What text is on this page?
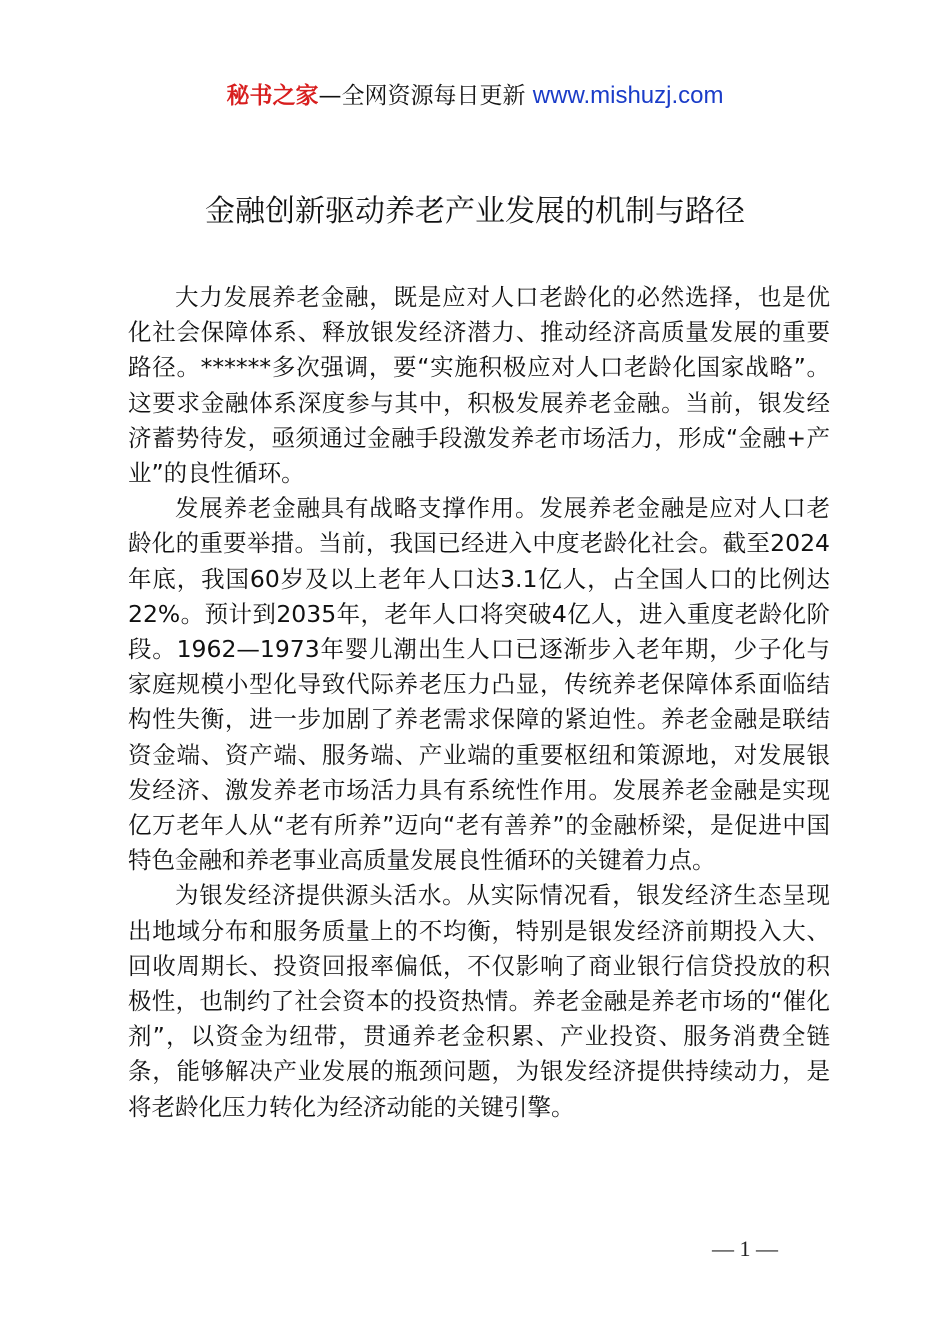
秘书之家—全网资源每日更新 www.mishuzj.com
金融创新驱动养老产业发展的机制与路径

大力发展养老金融，既是应对人口老龄化的必然选择，也是优化社会保障体系、释放银发经济潜力、推动经济高质量发展的重要路径。******多次强调，要“实施积极应对人口老龄化国家战略”。这要求金融体系深度参与其中，积极发展养老金融。当前，银发经济蓄势待发，亟须通过金融手段激发养老市场活力，形成“金融+产业”的良性循环。

发展养老金融具有战略支撑作用。发展养老金融是应对人口老龄化的重要举措。当前，我国已经进入中度老龄化社会。截至2024年底，我国60岁及以上老年人口达3.1亿人，占全国人口的比例达22%。预计到2035年，老年人口将突破4亿人，进入重度老龄化阶段。1962—1973年婴儿潮出生人口已逐渐步入老年期，少子化与家庭规模小型化导致代际养老压力凸显，传统养老保障体系面临结构性失衡，进一步加剧了养老需求保障的紧迫性。养老金融是联结资金端、资产端、服务端、产业端的重要枢纽和策源地，对发展银发经济、激发养老市场活力具有系统性作用。发展养老金融是实现亿万老年人从“老有所养”迈向“老有善养”的金融桥梁，是促进中国特色金融和养老事业高质量发展良性循环的关键着力点。

为银发经济提供源头活水。从实际情况看，银发经济生态呈现出地域分布和服务质量上的不均衡，特别是银发经济前期投入大、回收周期长、投资回报率偏低，不仅影响了商业银行信贷投放的积极性，也制约了社会资本的投资热情。养老金融是养老市场的“催化剂”，以资金为纽带，贯通养老金积累、产业投资、服务消费全链条，能够解决产业发展的瓶颈问题，为银发经济提供持续动力，是将老龄化压力转化为经济动能的关键引擎。

— 1 —
